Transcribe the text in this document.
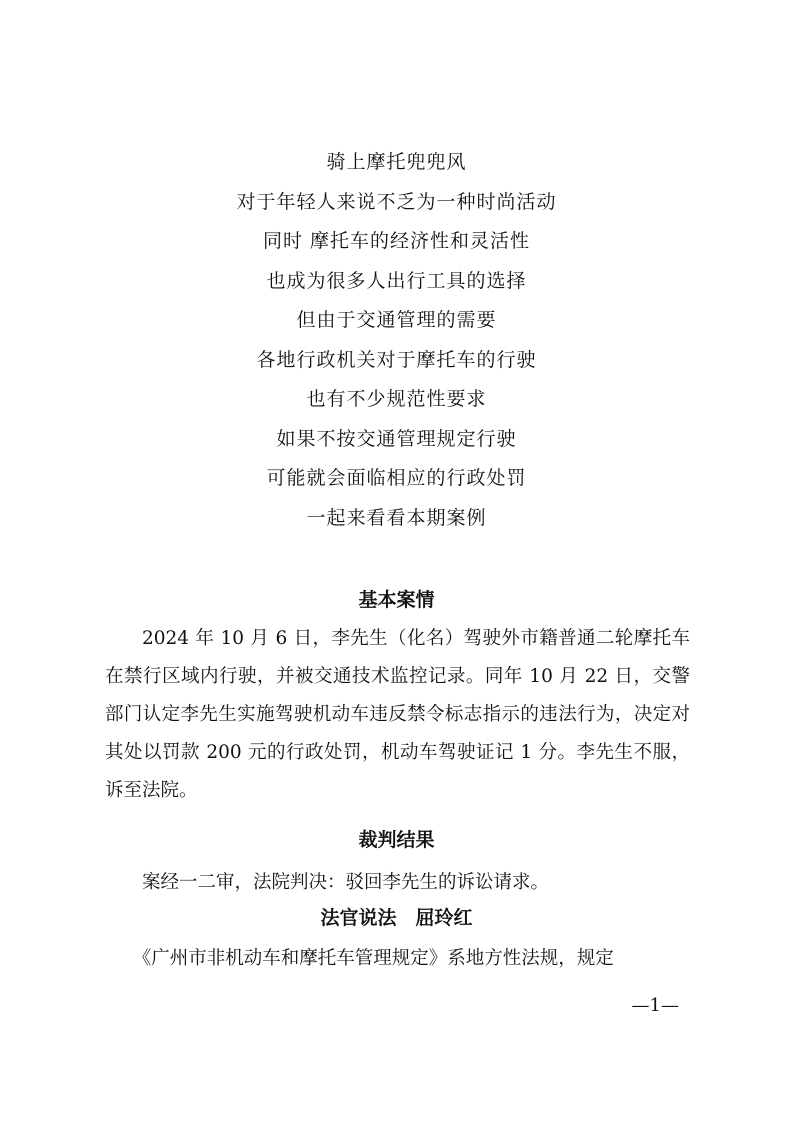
骑上摩托兜兜风
对于年轻人来说不乏为一种时尚活动
同时 摩托车的经济性和灵活性
也成为很多人出行工具的选择
但由于交通管理的需要
各地行政机关对于摩托车的行驶
也有不少规范性要求
如果不按交通管理规定行驶
可能就会面临相应的行政处罚
一起来看看本期案例
基本案情

2024 年 10 月 6 日，李先生（化名）驾驶外市籍普通二轮摩托车在禁行区域内行驶，并被交通技术监控记录。同年 10 月 22 日，交警部门认定李先生实施驾驶机动车违反禁令标志指示的违法行为，决定对其处以罚款 200 元的行政处罚，机动车驾驶证记 1 分。李先生不服，诉至法院。

裁判结果

案经一二审，法院判决：驳回李先生的诉讼请求。

法官说法　屈玲红

《广州市非机动车和摩托车管理规定》系地方性法规，规定

—1—
